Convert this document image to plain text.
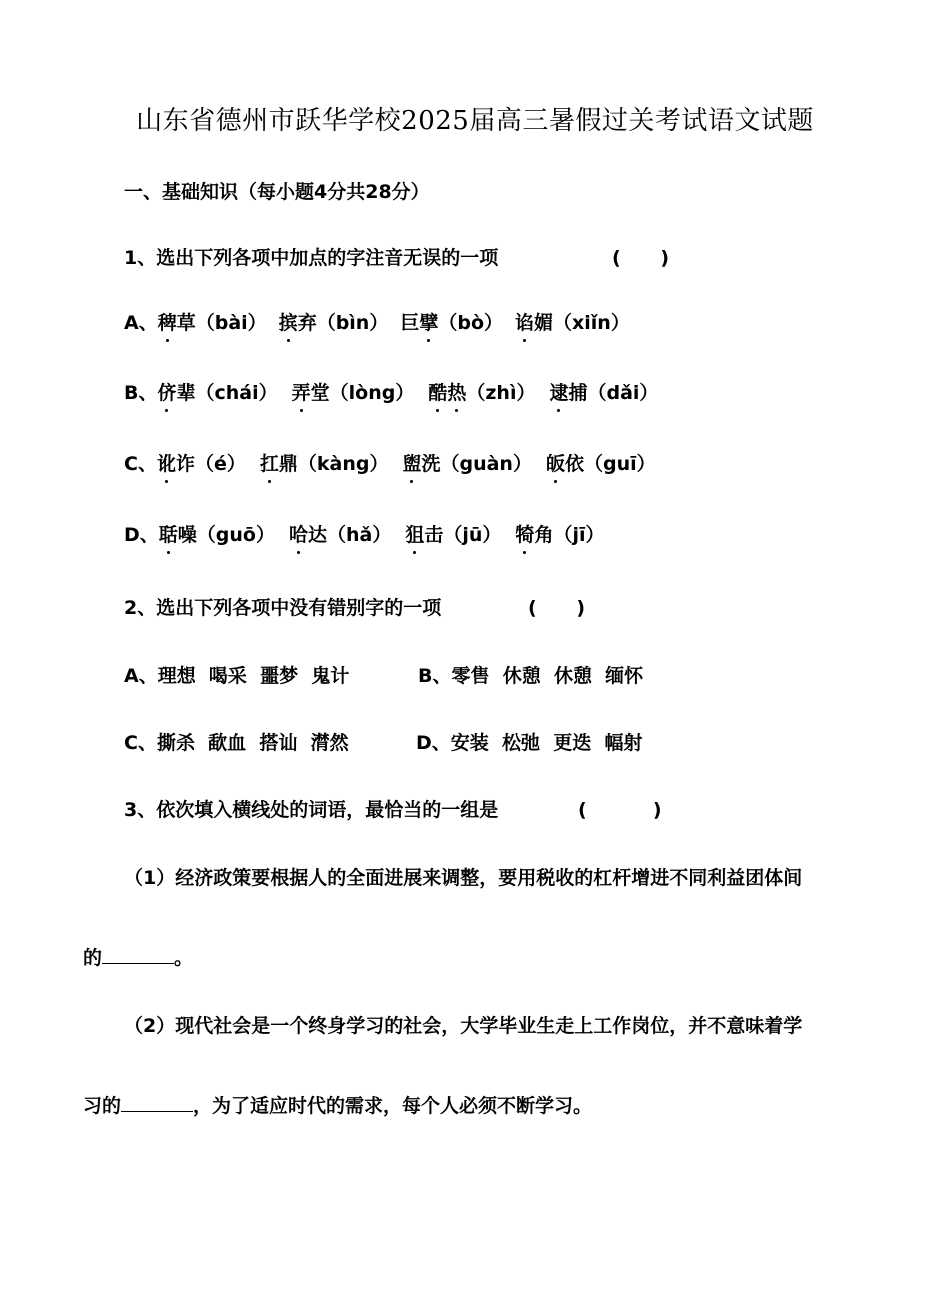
山东省德州市跃华学校2025届高三暑假过关考试语文试题
一、基础知识（每小题4分共28分）
1、选出下列各项中加点的字注音无误的一项	(      )
A、稗草（bài） 摈弃（bìn） 巨擘（bò） 谄媚（xiǐn）
B、侪辈（chái） 弄堂（lòng） 酷热（zhì） 逮捕（dǎi）
C、讹诈（é） 扛鼎（kàng） 盥洗（guàn） 皈依（guī）
D、聒噪（guō） 哈达（hǎ） 狙击（jū） 犄角（jī）
2、选出下列各项中没有错别字的一项	(      )
A、理想  喝采  噩梦  鬼计	B、零售  休憩  休憩  缅怀
C、撕杀  歃血  搭讪  潸然	D、安装  松弛  更迭  幅射
3、依次填入横线处的词语，最恰当的一组是	(          )
（1）经济政策要根据人的全面进展来调整，要用税收的杠杆增进不同利益团体间
的	。
（2）现代社会是一个终身学习的社会，大学毕业生走上工作岗位，并不意味着学
习的	，为了适应时代的需求，每个人必须不断学习。
